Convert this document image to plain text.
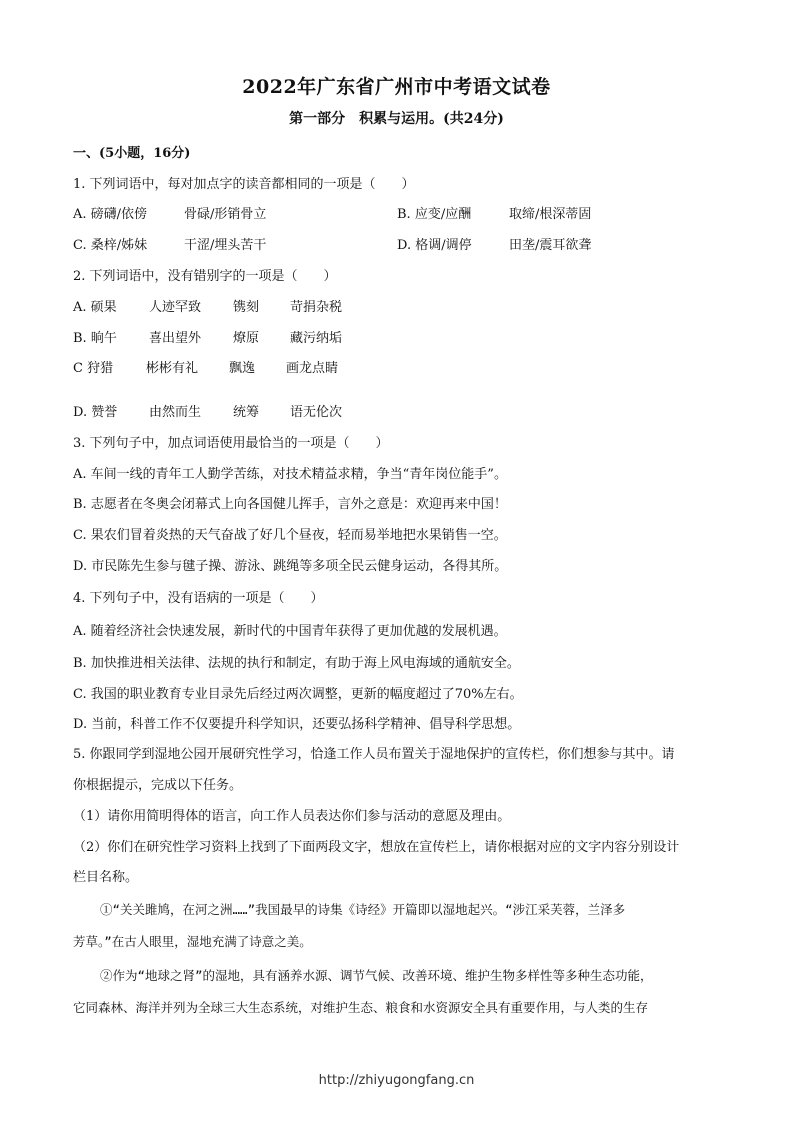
2022年广东省广州市中考语文试卷
第一部分　积累与运用。(共24分)
一、(5小题，16分)
1. 下列词语中，每对加点字的读音都相同的一项是（　　）
A. 磅礴/依傍	骨碌/形销骨立	B. 应变/应酬	取缔/根深蒂固
C. 桑梓/姊妹	干涩/埋头苦干	D. 格调/调停	田垄/震耳欲聋
2. 下列词语中，没有错别字的一项是（　　）
A. 硕果 人迹罕致 镌刻 苛捐杂税
B. 晌午 喜出望外 燎原 藏污纳垢
C 狩猎	彬彬有礼 飘逸 画龙点睛
D. 赞誉 由然而生 统筹 语无伦次
3. 下列句子中，加点词语使用最恰当的一项是（　　）
A. 车间一线的青年工人勤学苦练，对技术精益求精，争当“青年岗位能手”。
B. 志愿者在冬奥会闭幕式上向各国健儿挥手，言外之意是：欢迎再来中国！
C. 果农们冒着炎热的天气奋战了好几个昼夜，轻而易举地把水果销售一空。
D. 市民陈先生参与毽子操、游泳、跳绳等多项全民云健身运动，各得其所。
4. 下列句子中，没有语病的一项是（　　）
A. 随着经济社会快速发展，新时代的中国青年获得了更加优越的发展机遇。
B. 加快推进相关法律、法规的执行和制定，有助于海上风电海域的通航安全。
C. 我国的职业教育专业目录先后经过两次调整，更新的幅度超过了70%左右。
D. 当前，科普工作不仅要提升科学知识，还要弘扬科学精神、倡导科学思想。
5. 你跟同学到湿地公园开展研究性学习，恰逢工作人员布置关于湿地保护的宣传栏，你们想参与其中。请
你根据提示，完成以下任务。
（1）请你用简明得体的语言，向工作人员表达你们参与活动的意愿及理由。
（2）你们在研究性学习资料上找到了下面两段文字，想放在宣传栏上，请你根据对应的文字内容分别设计
栏目名称。
①“关关雎鸠，在河之洲……”我国最早的诗集《诗经》开篇即以湿地起兴。“涉江采芙蓉，兰泽多
芳草。”在古人眼里，湿地充满了诗意之美。
②作为“地球之肾”的湿地，具有涵养水源、调节气候、改善环境、维护生物多样性等多种生态功能，
它同森林、海洋并列为全球三大生态系统，对维护生态、粮食和水资源安全具有重要作用，与人类的生存
http://zhiyugongfang.cn
